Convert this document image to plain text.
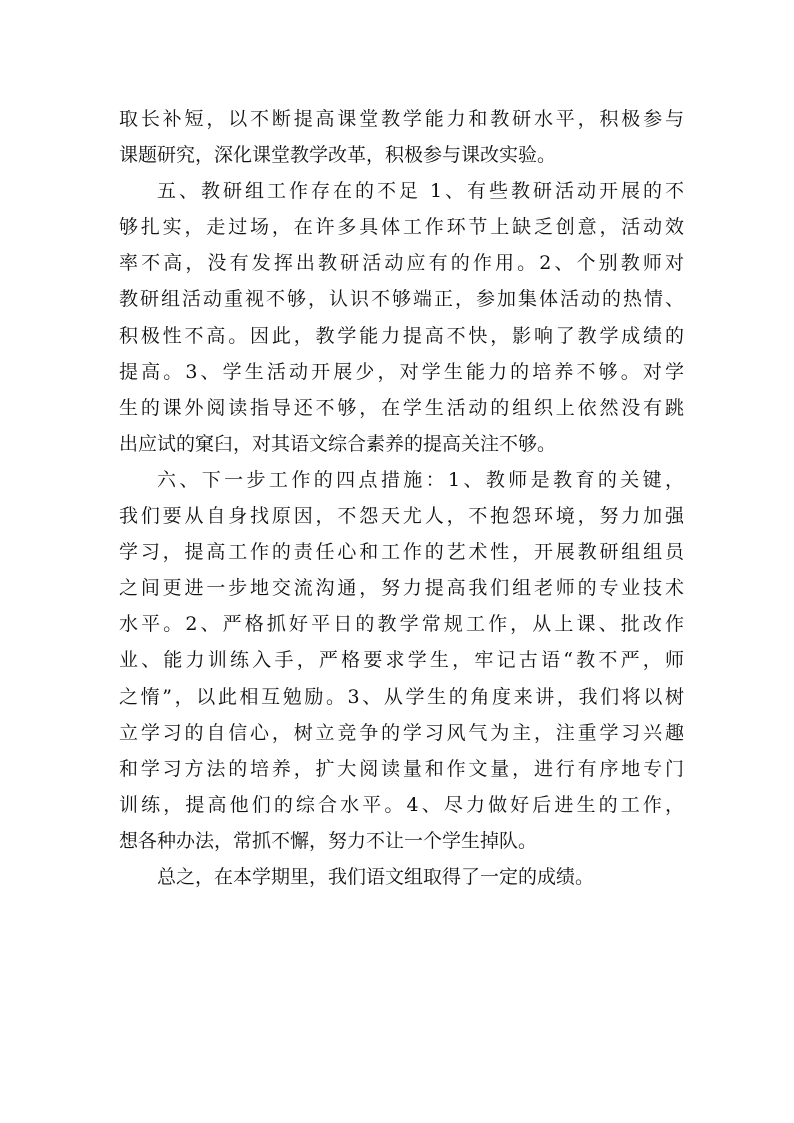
取长补短，以不断提高课堂教学能力和教研水平，积极参与
课题研究，深化课堂教学改革，积极参与课改实验。
五、教研组工作存在的不足 1、有些教研活动开展的不
够扎实，走过场，在许多具体工作环节上缺乏创意，活动效
率不高，没有发挥出教研活动应有的作用。2、个别教师对
教研组活动重视不够，认识不够端正，参加集体活动的热情、
积极性不高。因此，教学能力提高不快，影响了教学成绩的
提高。3、学生活动开展少，对学生能力的培养不够。对学
生的课外阅读指导还不够，在学生活动的组织上依然没有跳
出应试的窠臼，对其语文综合素养的提高关注不够。
六、下一步工作的四点措施：1、教师是教育的关键，
我们要从自身找原因，不怨天尤人，不抱怨环境，努力加强
学习，提高工作的责任心和工作的艺术性，开展教研组组员
之间更进一步地交流沟通，努力提高我们组老师的专业技术
水平。2、严格抓好平日的教学常规工作，从上课、批改作
业、能力训练入手，严格要求学生，牢记古语“教不严，师
之惰”，以此相互勉励。3、从学生的角度来讲，我们将以树
立学习的自信心，树立竞争的学习风气为主，注重学习兴趣
和学习方法的培养，扩大阅读量和作文量，进行有序地专门
训练，提高他们的综合水平。4、尽力做好后进生的工作，
想各种办法，常抓不懈，努力不让一个学生掉队。
总之，在本学期里，我们语文组取得了一定的成绩。
